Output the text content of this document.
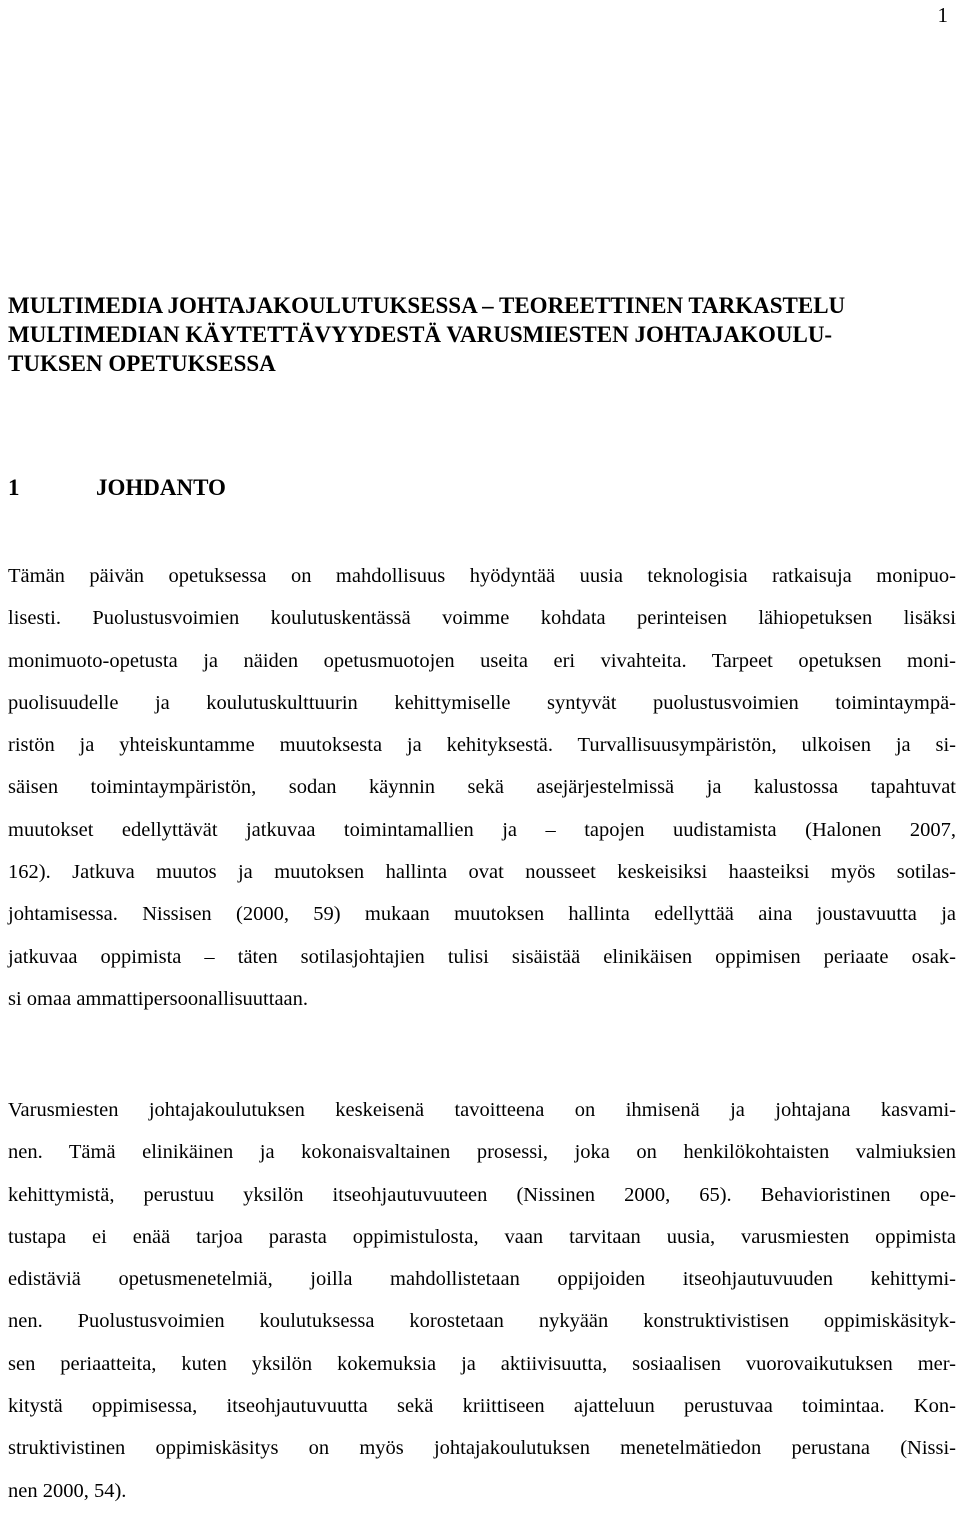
1
MULTIMEDIA JOHTAJAKOULUTUKSESSA – TEOREETTINEN TARKASTELU
MULTIMEDIAN KÄYTETTÄVYYDESTÄ VARUSMIESTEN JOHTAJAKOULU-
TUKSEN OPETUKSESSA
1	JOHDANTO
Tämän päivän opetuksessa on mahdollisuus hyödyntää uusia teknologisia ratkaisuja monipuo-
lisesti. Puolustusvoimien koulutuskentässä voimme kohdata perinteisen lähiopetuksen lisäksi
monimuoto-opetusta ja näiden opetusmuotojen useita eri vivahteita. Tarpeet opetuksen moni-
puolisuudelle ja koulutuskulttuurin kehittymiselle syntyvät puolustusvoimien toimintaympä-
ristön ja yhteiskuntamme muutoksesta ja kehityksestä. Turvallisuusympäristön, ulkoisen ja si-
säisen toimintaympäristön, sodan käynnin sekä asejärjestelmissä ja kalustossa tapahtuvat
muutokset edellyttävät jatkuvaa toimintamallien ja – tapojen uudistamista (Halonen 2007,
162). Jatkuva muutos ja muutoksen hallinta ovat nousseet keskeisiksi haasteiksi myös sotilas-
johtamisessa. Nissisen (2000, 59) mukaan muutoksen hallinta edellyttää aina joustavuutta ja
jatkuvaa oppimista – täten sotilasjohtajien tulisi sisäistää elinikäisen oppimisen periaate osak-
si omaa ammattipersoonallisuuttaan.
Varusmiesten johtajakoulutuksen keskeisenä tavoitteena on ihmisenä ja johtajana kasvami-
nen. Tämä elinikäinen ja kokonaisvaltainen prosessi, joka on henkilökohtaisten valmiuksien
kehittymistä, perustuu yksilön itseohjautuvuuteen (Nissinen 2000, 65). Behavioristinen ope-
tustapa ei enää tarjoa parasta oppimistulosta, vaan tarvitaan uusia, varusmiesten oppimista
edistäviä opetusmenetelmiä, joilla mahdollistetaan oppijoiden itseohjautuvuuden kehittymi-
nen. Puolustusvoimien koulutuksessa korostetaan nykyään konstruktivistisen oppimiskäsityk-
sen periaatteita, kuten yksilön kokemuksia ja aktiivisuutta, sosiaalisen vuorovaikutuksen mer-
kitystä oppimisessa, itseohjautuvuutta sekä kriittiseen ajatteluun perustuvaa toimintaa. Kon-
struktivistinen oppimiskäsitys on myös johtajakoulutuksen menetelmätiedon perustana (Nissi-
nen 2000, 54).
